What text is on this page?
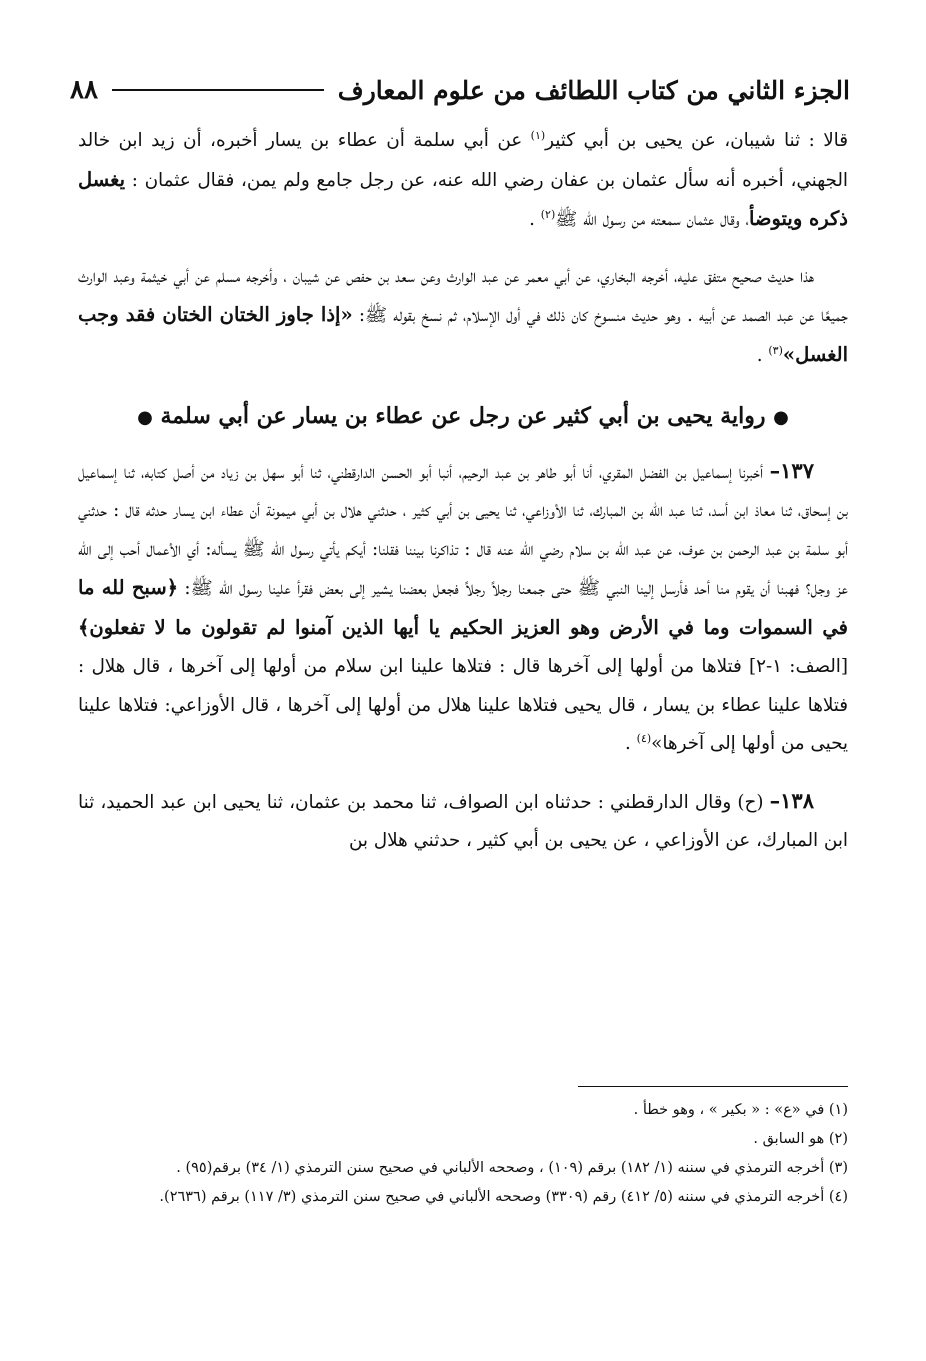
٨٨	الجزء الثاني من كتاب اللطائف من علوم المعارف

قالا : ثنا شيبان، عن يحيى بن أبي كثير$^{(١)}$ عن أبي سلمة أن عطاء بن يسار أخبره، أن زيد ابن خالد الجهني، أخبره أنه سأل عثمان بن عفان رضي الله عنه، عن رجل جامع ولم يمن، فقال عثمان : يغسل ذكره ويتوضأ، وقال عثمان سمعته من رسول الله ﷺ$^{(٢)}$ .

هذا حديث صحيح متفق عليه، أخرجه البخاري، عن أبي معمر عن عبد الوارث وعن سعد بن حفص عن شيبان ، وأخرجه مسلم عن أبي خيثمة وعبد الوارث جميعًا عن عبد الصمد عن أبيه . وهو حديث منسوخ كان ذلك في أول الإسلام، ثم نسخ بقوله ﷺ: «إذا جاوز الختان الختان فقد وجب الغسل»$^{(٣)}$ .

● رواية يحيى بن أبي كثير عن رجل عن عطاء بن يسار عن أبي سلمة ●

١٣٧– أخبرنا إسماعيل بن الفضل المقري، أنا أبو طاهر بن عبد الرحيم، أنبا أبو الحسن الدارقطني، ثنا أبو سهل بن زياد من أصل كتابه، ثنا إسماعيل بن إسحاق، ثنا معاذ ابن أسد، ثنا عبد الله بن المبارك، ثنا الأوزاعي، ثنا يحيى بن أبي كثير ، حدثني هلال بن أبي ميمونة أن عطاء ابن يسار حدثه قال : حدثني أبو سلمة بن عبد الرحمن بن عوف، عن عبد الله بن سلام رضي الله عنه قال : تذاكرنا بيننا فقلنا: أيكم يأتي رسول الله ﷺ يسأله: أي الأعمال أحب إلى الله عز وجل؟ فهبنا أن يقوم منا أحد فأرسل إلينا النبي ﷺ حتى جمعنا رجلاً رجلاً فجعل بعضنا يشير إلى بعض فقرأ علينا رسول الله ﷺ: ﴿سبح لله ما في السموات وما في الأرض وهو العزيز الحكيم يا أيها الذين آمنوا لم تقولون ما لا تفعلون﴾ [الصف: ١-٢] فتلاها من أولها إلى آخرها قال : فتلاها علينا ابن سلام من أولها إلى آخرها ، قال هلال : فتلاها علينا عطاء بن يسار ، قال يحيى فتلاها علينا هلال من أولها إلى آخرها ، قال الأوزاعي: فتلاها علينا يحيى من أولها إلى آخرها»$^{(٤)}$ .

١٣٨– (ح) وقال الدارقطني : حدثناه ابن الصواف، ثنا محمد بن عثمان، ثنا يحيى ابن عبد الحميد، ثنا ابن المبارك، عن الأوزاعي ، عن يحيى بن أبي كثير ، حدثني هلال بن

(١) في «ع» : « بكير » ، وهو خطأ .
(٢) هو السابق .
(٣) أخرجه الترمذي في سننه (١/ ١٨٢) برقم (١٠٩) ، وصححه الألباني في صحيح سنن الترمذي (١/ ٣٤) برقم(٩٥) .
(٤) أخرجه الترمذي في سننه (٥/ ٤١٢) رقم (٣٣٠٩) وصححه الألباني في صحيح سنن الترمذي (٣/ ١١٧) برقم (٢٦٣٦).
